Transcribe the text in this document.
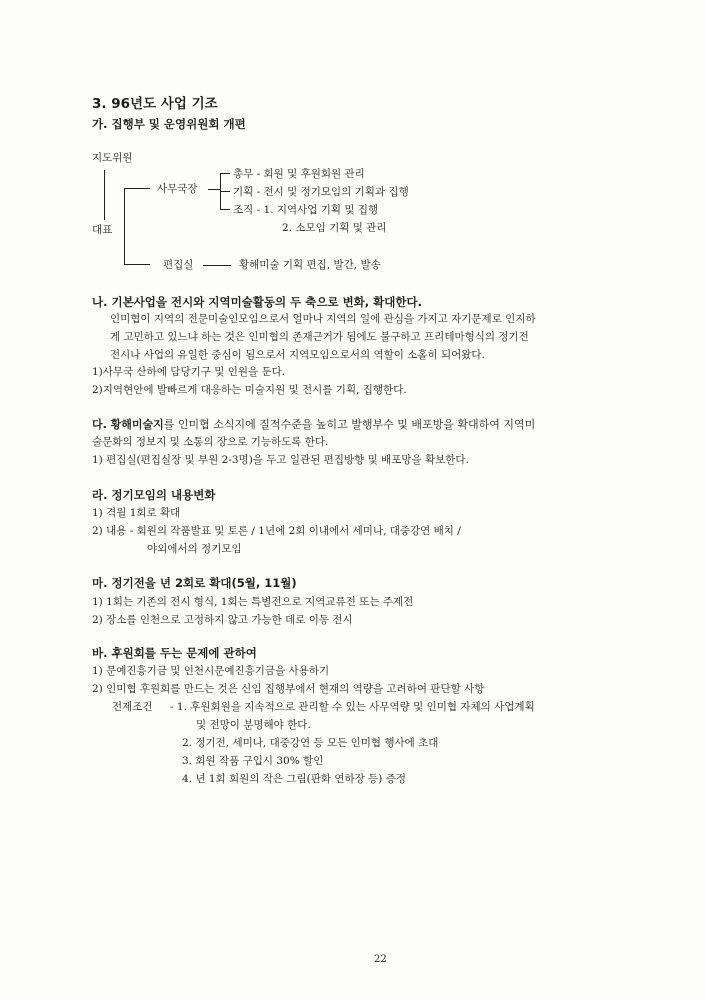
3. 96년도 사업 기조
가. 집행부 및 운영위원회 개편
지도위원
대표
사무국장
총무 - 회원 및 후원회원 관리
기획 - 전시 및 정기모임의 기획과 집행
조직 - 1. 지역사업 기획 및 집행
2. 소모임 기획 및 관리
편집실	황해미술 기획 편집, 발간, 발송
나. 기본사업을 전시와 지역미술활동의 두 축으로 변화, 확대한다.
인미협이 지역의 전문미술인모임으로서 얼마나 지역의 일에 관심을 가지고 자기문제로 인지하
게 고민하고 있느냐 하는 것은 인미협의 존재근거가 됨에도 불구하고 프리테마형식의 정기전
전시나 사업의 유일한 중심이 됨으로서 지역모임으로서의 역할이 소홀히 되어왔다.
1)사무국 산하에 담당기구 및 인원을 둔다.
2)지역현안에 발빠르게 대응하는 미술지원 및 전시를 기획, 집행한다.
다. 황해미술지를 인미협 소식지에 질적수준을 높히고 발행부수 및 배포방을 확대하여 지역미
술문화의 정보지 및 소통의 장으로 기능하도록 한다.
1) 편집실(편집실장 및 부원 2-3명)을 두고 일관된 편집방향 및 배포망을 확보한다.
라. 정기모임의 내용변화
1) 격월 1회로 확대
2) 내용 - 회원의 작품발표 및 토론 / 1년에 2회 이내에서 세미나, 대중강연 배치 /
야외에서의 정기모임
마. 정기전을 년 2회로 확대(5월, 11월)
1) 1회는 기존의 전시 형식, 1회는 특별전으로 지역교류전 또는 주제전
2) 장소를 인천으로 고정하지 않고 가능한 데로 이동 전시
바. 후원회를 두는 문제에 관하여
1) 문예진흥기금 및 인천시문예진흥기금을 사용하기
2) 인미협 후원회를 만드는 것은 신임 집행부에서 현재의 역량을 고려하여 판단할 사항
전제조건 - 1. 후원회원을 지속적으로 관리할 수 있는 사무역량 및 인미협 자체의 사업계획
및 전망이 분명해야 한다.
2. 정기전, 세미나, 대중강연 등 모든 인미협 행사에 초대
3. 회원 작품 구입시 30% 할인
4. 년 1회 회원의 작은 그림(판화 연하장 등) 증정
22
